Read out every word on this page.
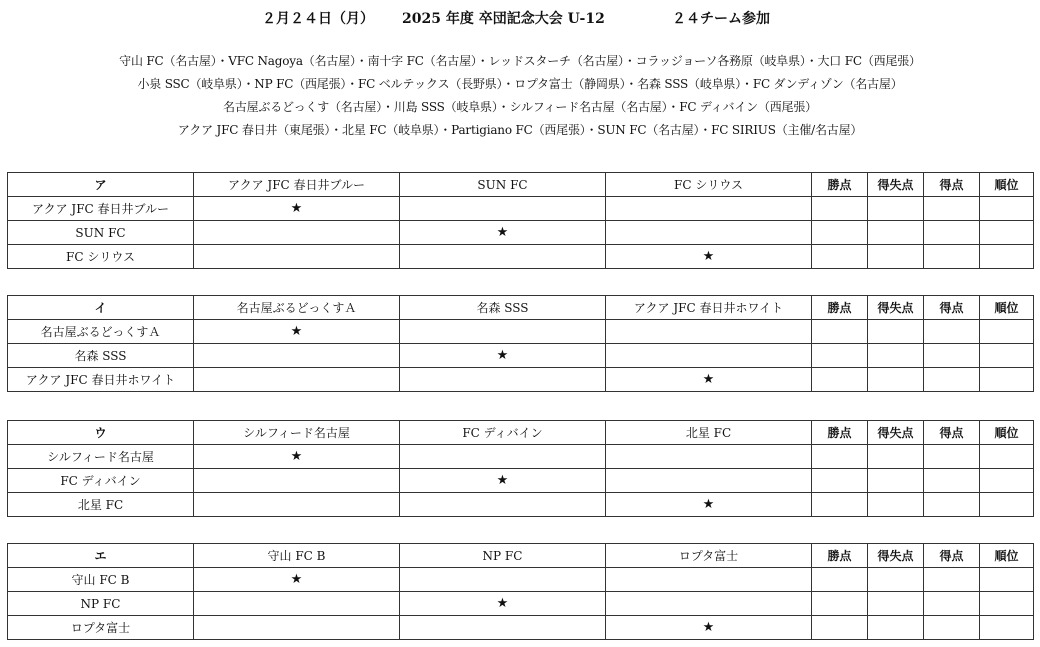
２月２４日（月） 2025 年度 卒団記念大会 U-12	２４チーム参加
守山 FC（名古屋）・VFC Nagoya（名古屋）・南十字 FC（名古屋）・レッドスターチ（名古屋）・コラッジョーソ各務原（岐阜県）・大口 FC（西尾張）
小泉 SSC（岐阜県）・NP FC（西尾張）・FC ベルテックス（長野県）・ロプタ富士（静岡県）・名森 SSS（岐阜県）・FC ダンディゾン（名古屋）
名古屋ぶるどっくす（名古屋）・川島 SSS（岐阜県）・シルフィード名古屋（名古屋）・FC ディバイン（西尾張）
アクア JFC 春日井（東尾張）・北星 FC（岐阜県）・Partigiano FC（西尾張）・SUN FC（名古屋）・FC SIRIUS（主催/名古屋）
ア	アクア JFC 春日井ブルー	SUN FC	FC シリウス	勝点	得失点	得点	順位
アクア JFC 春日井ブルー	★						
SUN FC		★					
FC シリウス			★				
イ	名古屋ぶるどっくすＡ	名森 SSS	アクア JFC 春日井ホワイト	勝点	得失点	得点	順位
名古屋ぶるどっくすＡ	★						
名森 SSS		★					
アクア JFC 春日井ホワイト			★				
ウ	シルフィード名古屋	FC ディバイン	北星 FC	勝点	得失点	得点	順位
シルフィード名古屋	★						
FC ディバイン		★					
北星 FC			★				
エ	守山 FC B	NP FC	ロプタ富士	勝点	得失点	得点	順位
守山 FC B	★						
NP FC		★					
ロプタ富士			★				
